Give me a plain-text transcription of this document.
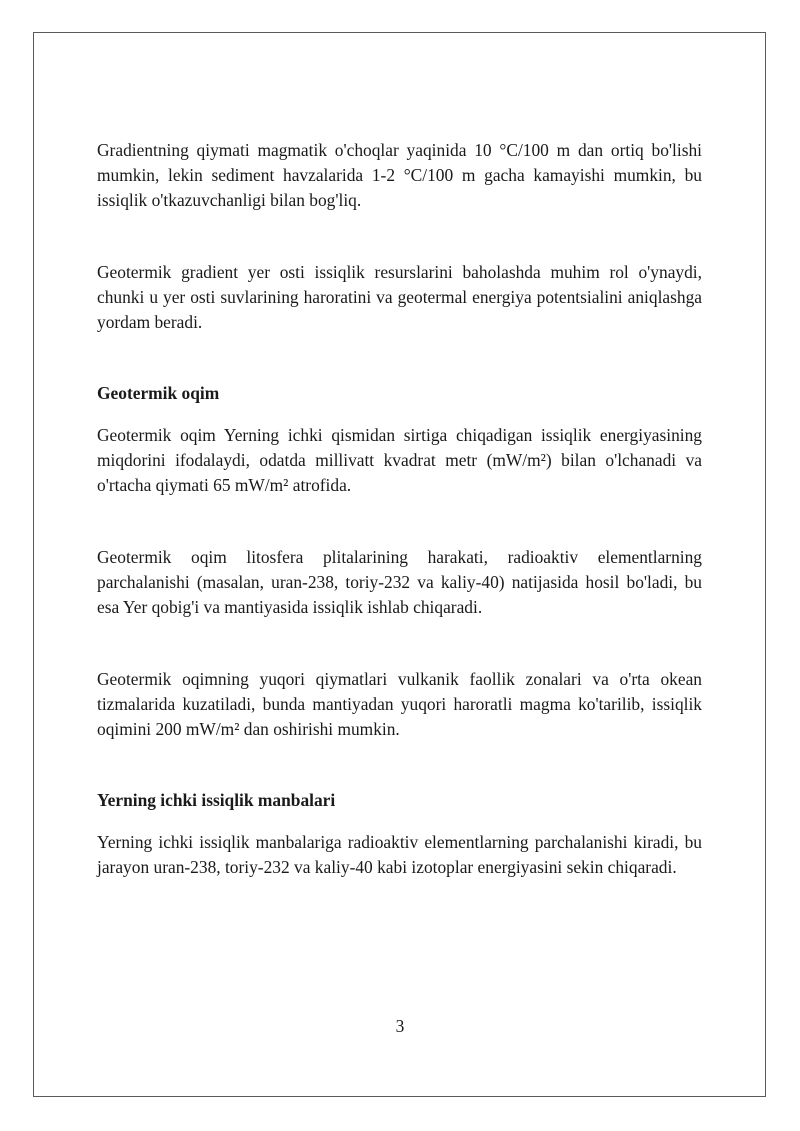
Gradientning qiymati magmatik o'choqlar yaqinida 10 °C/100 m dan ortiq bo'lishi mumkin, lekin sediment havzalarida 1-2 °C/100 m gacha kamayishi mumkin, bu issiqlik o'tkazuvchanligi bilan bog'liq.

Geotermik gradient yer osti issiqlik resurslarini baholashda muhim rol o'ynaydi, chunki u yer osti suvlarining haroratini va geotermal energiya potentsialini aniqlashga yordam beradi.

Geotermik oqim

Geotermik oqim Yerning ichki qismidan sirtiga chiqadigan issiqlik energiyasining miqdorini ifodalaydi, odatda millivatt kvadrat metr (mW/m²) bilan o'lchanadi va o'rtacha qiymati 65 mW/m² atrofida.

Geotermik oqim litosfera plitalarining harakati, radioaktiv elementlarning parchalanishi (masalan, uran-238, toriy-232 va kaliy-40) natijasida hosil bo'ladi, bu esa Yer qobig'i va mantiyasida issiqlik ishlab chiqaradi.

Geotermik oqimning yuqori qiymatlari vulkanik faollik zonalari va o'rta okean tizmalarida kuzatiladi, bunda mantiyadan yuqori haroratli magma ko'tarilib, issiqlik oqimini 200 mW/m² dan oshirishi mumkin.

Yerning ichki issiqlik manbalari

Yerning ichki issiqlik manbalariga radioaktiv elementlarning parchalanishi kiradi, bu jarayon uran-238, toriy-232 va kaliy-40 kabi izotoplar energiyasini sekin chiqaradi.

3
